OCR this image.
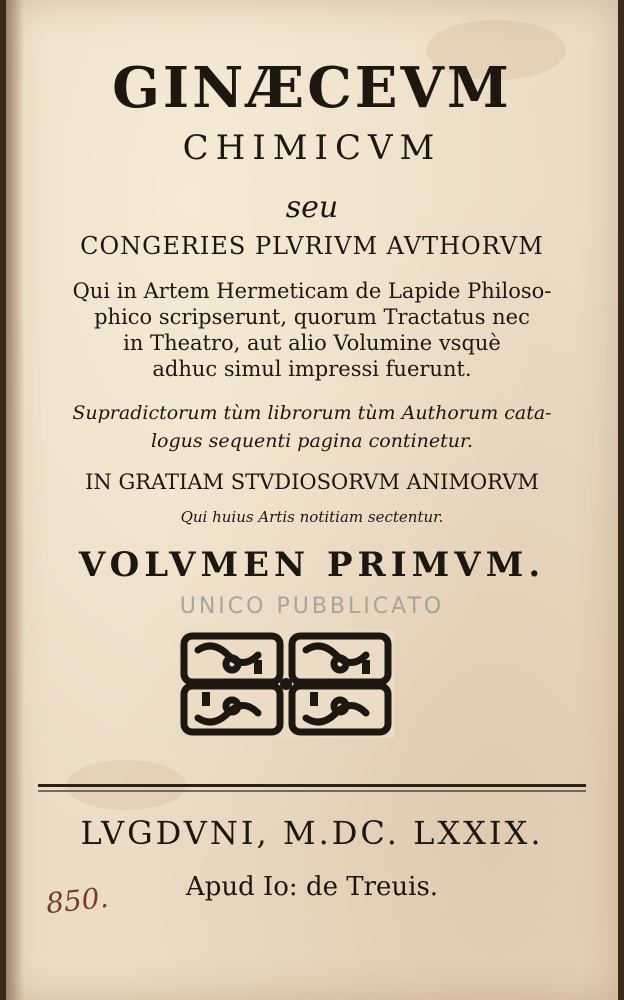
GINÆCEVM
CHIMICVM
seu
CONGERIES PLVRIVM AVTHORVM
Qui in Artem Hermeticam de Lapide Philoso-
phico scripserunt, quorum Tractatus nec
in Theatro, aut alio Volumine vsquè
adhuc simul impressi fuerunt.
Supradictorum tùm librorum tùm Authorum cata-
logus sequenti pagina continetur.
IN GRATIAM STVDIOSORVM ANIMORVM
Qui huius Artis notitiam sectentur.
VOLVMEN PRIMVM.
UNICO PUBBLICATO
LVGDVNI, M.DC. LXXIX.
Apud Io: de Treuis.
850.
